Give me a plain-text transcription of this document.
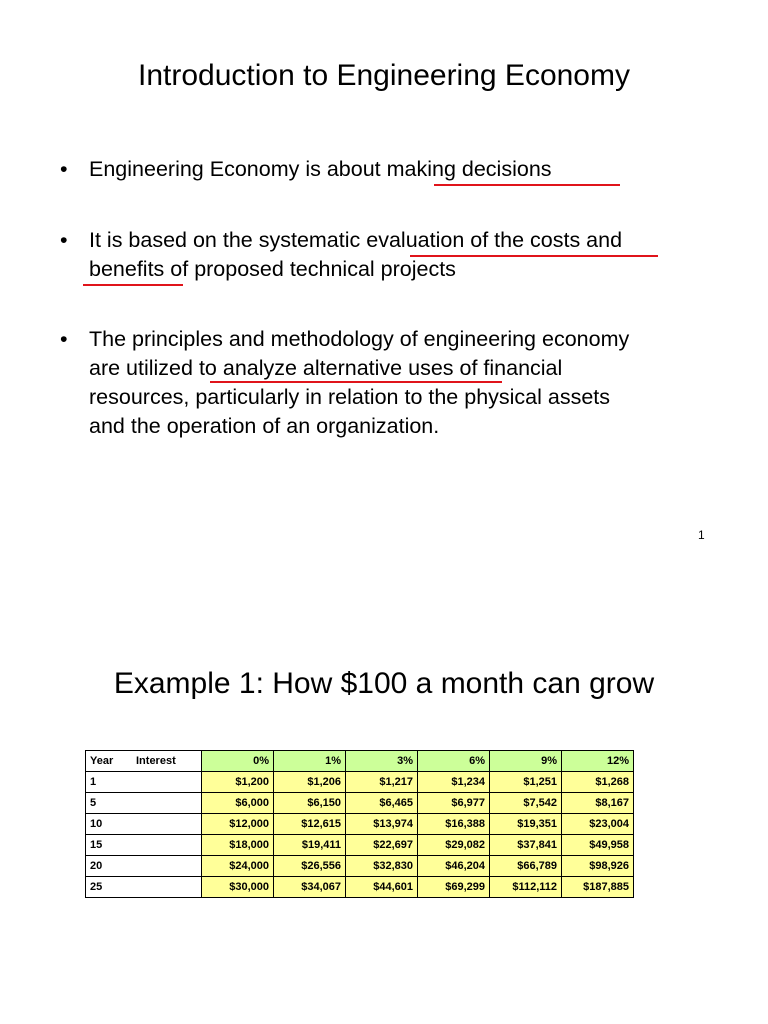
Introduction to Engineering Economy
• Engineering Economy is about making decisions
• It is based on the systematic evaluation of the costs and
benefits of proposed technical projects
• The principles and methodology of engineering economy
are utilized to analyze alternative uses of financial
resources, particularly in relation to the physical assets
and the operation of an organization.
1
Example 1: How $100 a month can grow
Year Interest	0%	1%	3%	6%	9%	12%
1	$1,200	$1,206	$1,217	$1,234	$1,251	$1,268
5	$6,000	$6,150	$6,465	$6,977	$7,542	$8,167
10	$12,000	$12,615	$13,974	$16,388	$19,351	$23,004
15	$18,000	$19,411	$22,697	$29,082	$37,841	$49,958
20	$24,000	$26,556	$32,830	$46,204	$66,789	$98,926
25	$30,000	$34,067	$44,601	$69,299	$112,112	$187,885
